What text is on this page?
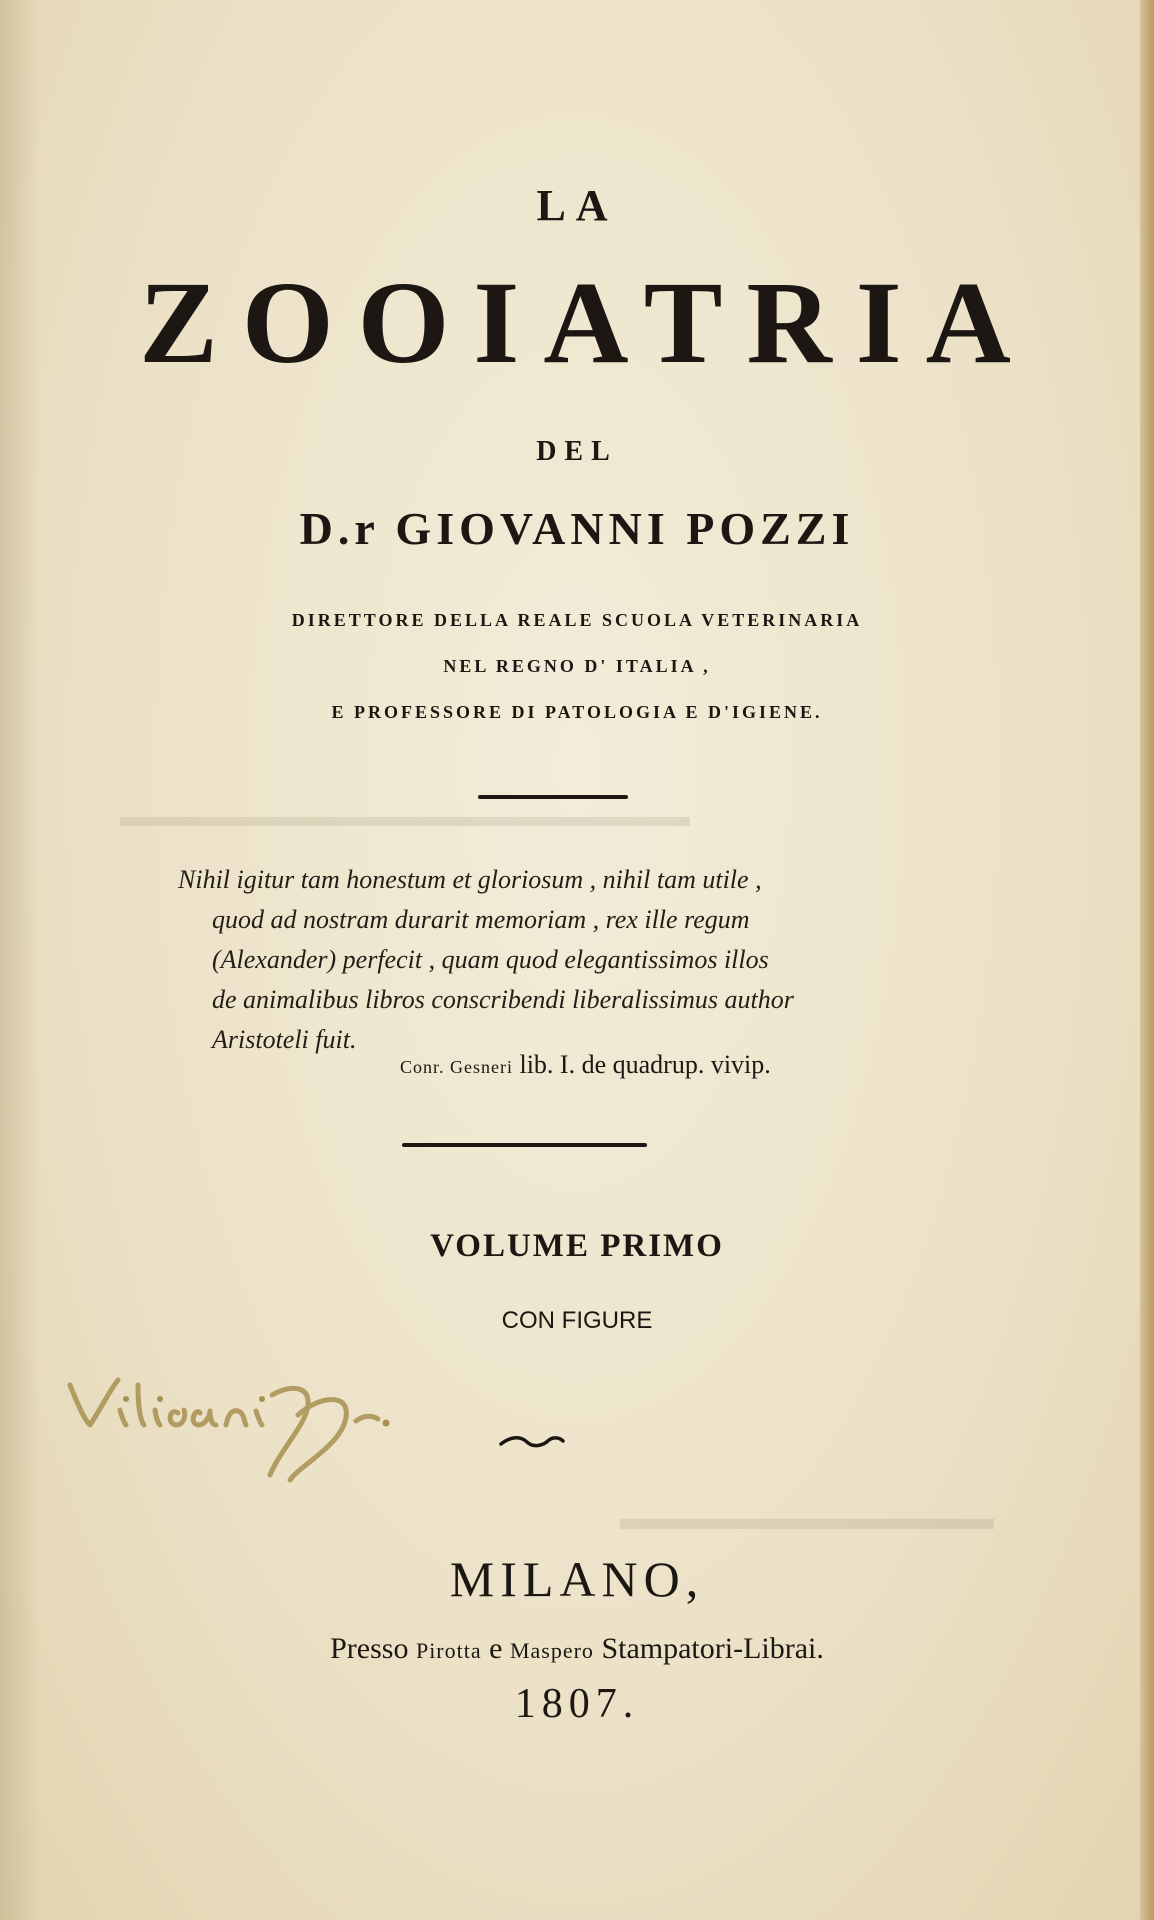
▬▬▬▬▬▬▬▬▬▬▬▬▬▬▬▬▬▬▬
▬▬▬▬▬▬▬▬▬▬▬
LA
ZOOIATRIA
DEL
D.r GIOVANNI POZZI
DIRETTORE DELLA REALE SCUOLA VETERINARIA
NEL REGNO D' ITALIA ,
E PROFESSORE DI PATOLOGIA E D'IGIENE.
Nihil igitur tam honestum et gloriosum , nihil tam utile ,
quod ad nostram durarit memoriam , rex ille regum
(Alexander) perfecit , quam quod elegantissimos illos
de animalibus libros conscribendi liberalissimus author
Aristoteli fuit.
Conr. Gesneri lib. I. de quadrup. vivip.
VOLUME PRIMO
CON FIGURE
MILANO,
Presso Pirotta e Maspero Stampatori-Librai.
1807.
